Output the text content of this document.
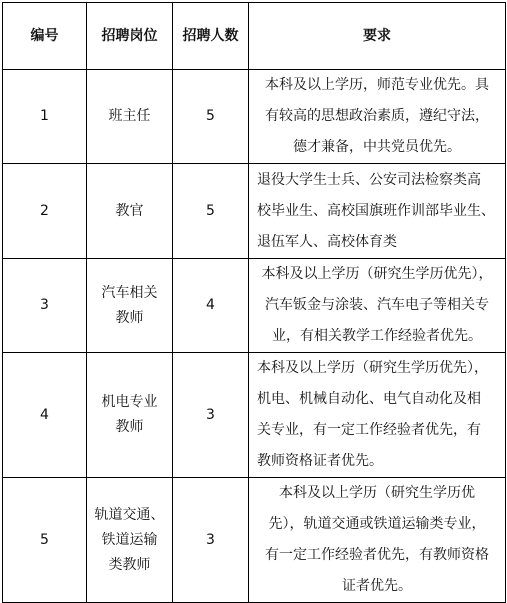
编号	招聘岗位	招聘人数	要求
1	班主任	5	本科及以上学历，师范专业优先。具
有较高的思想政治素质，遵纪守法，
德才兼备，中共党员优先。

2	教官	5	退役大学生士兵、公安司法检察类高
校毕业生、高校国旗班作训部毕业生、
退伍军人、高校体育类

3	汽车相关
教师	4	本科及以上学历（研究生学历优先），
汽车钣金与涂装、汽车电子等相关专
业，有相关教学工作经验者优先。

4	机电专业
教师	3	本科及以上学历（研究生学历优先），
机电、机械自动化、电气自动化及相
关专业，有一定工作经验者优先，有
教师资格证者优先。

5	轨道交通、
铁道运输
类教师	3	本科及以上学历（研究生学历优
先），轨道交通或铁道运输类专业，
有一定工作经验者优先，有教师资格
证者优先。
